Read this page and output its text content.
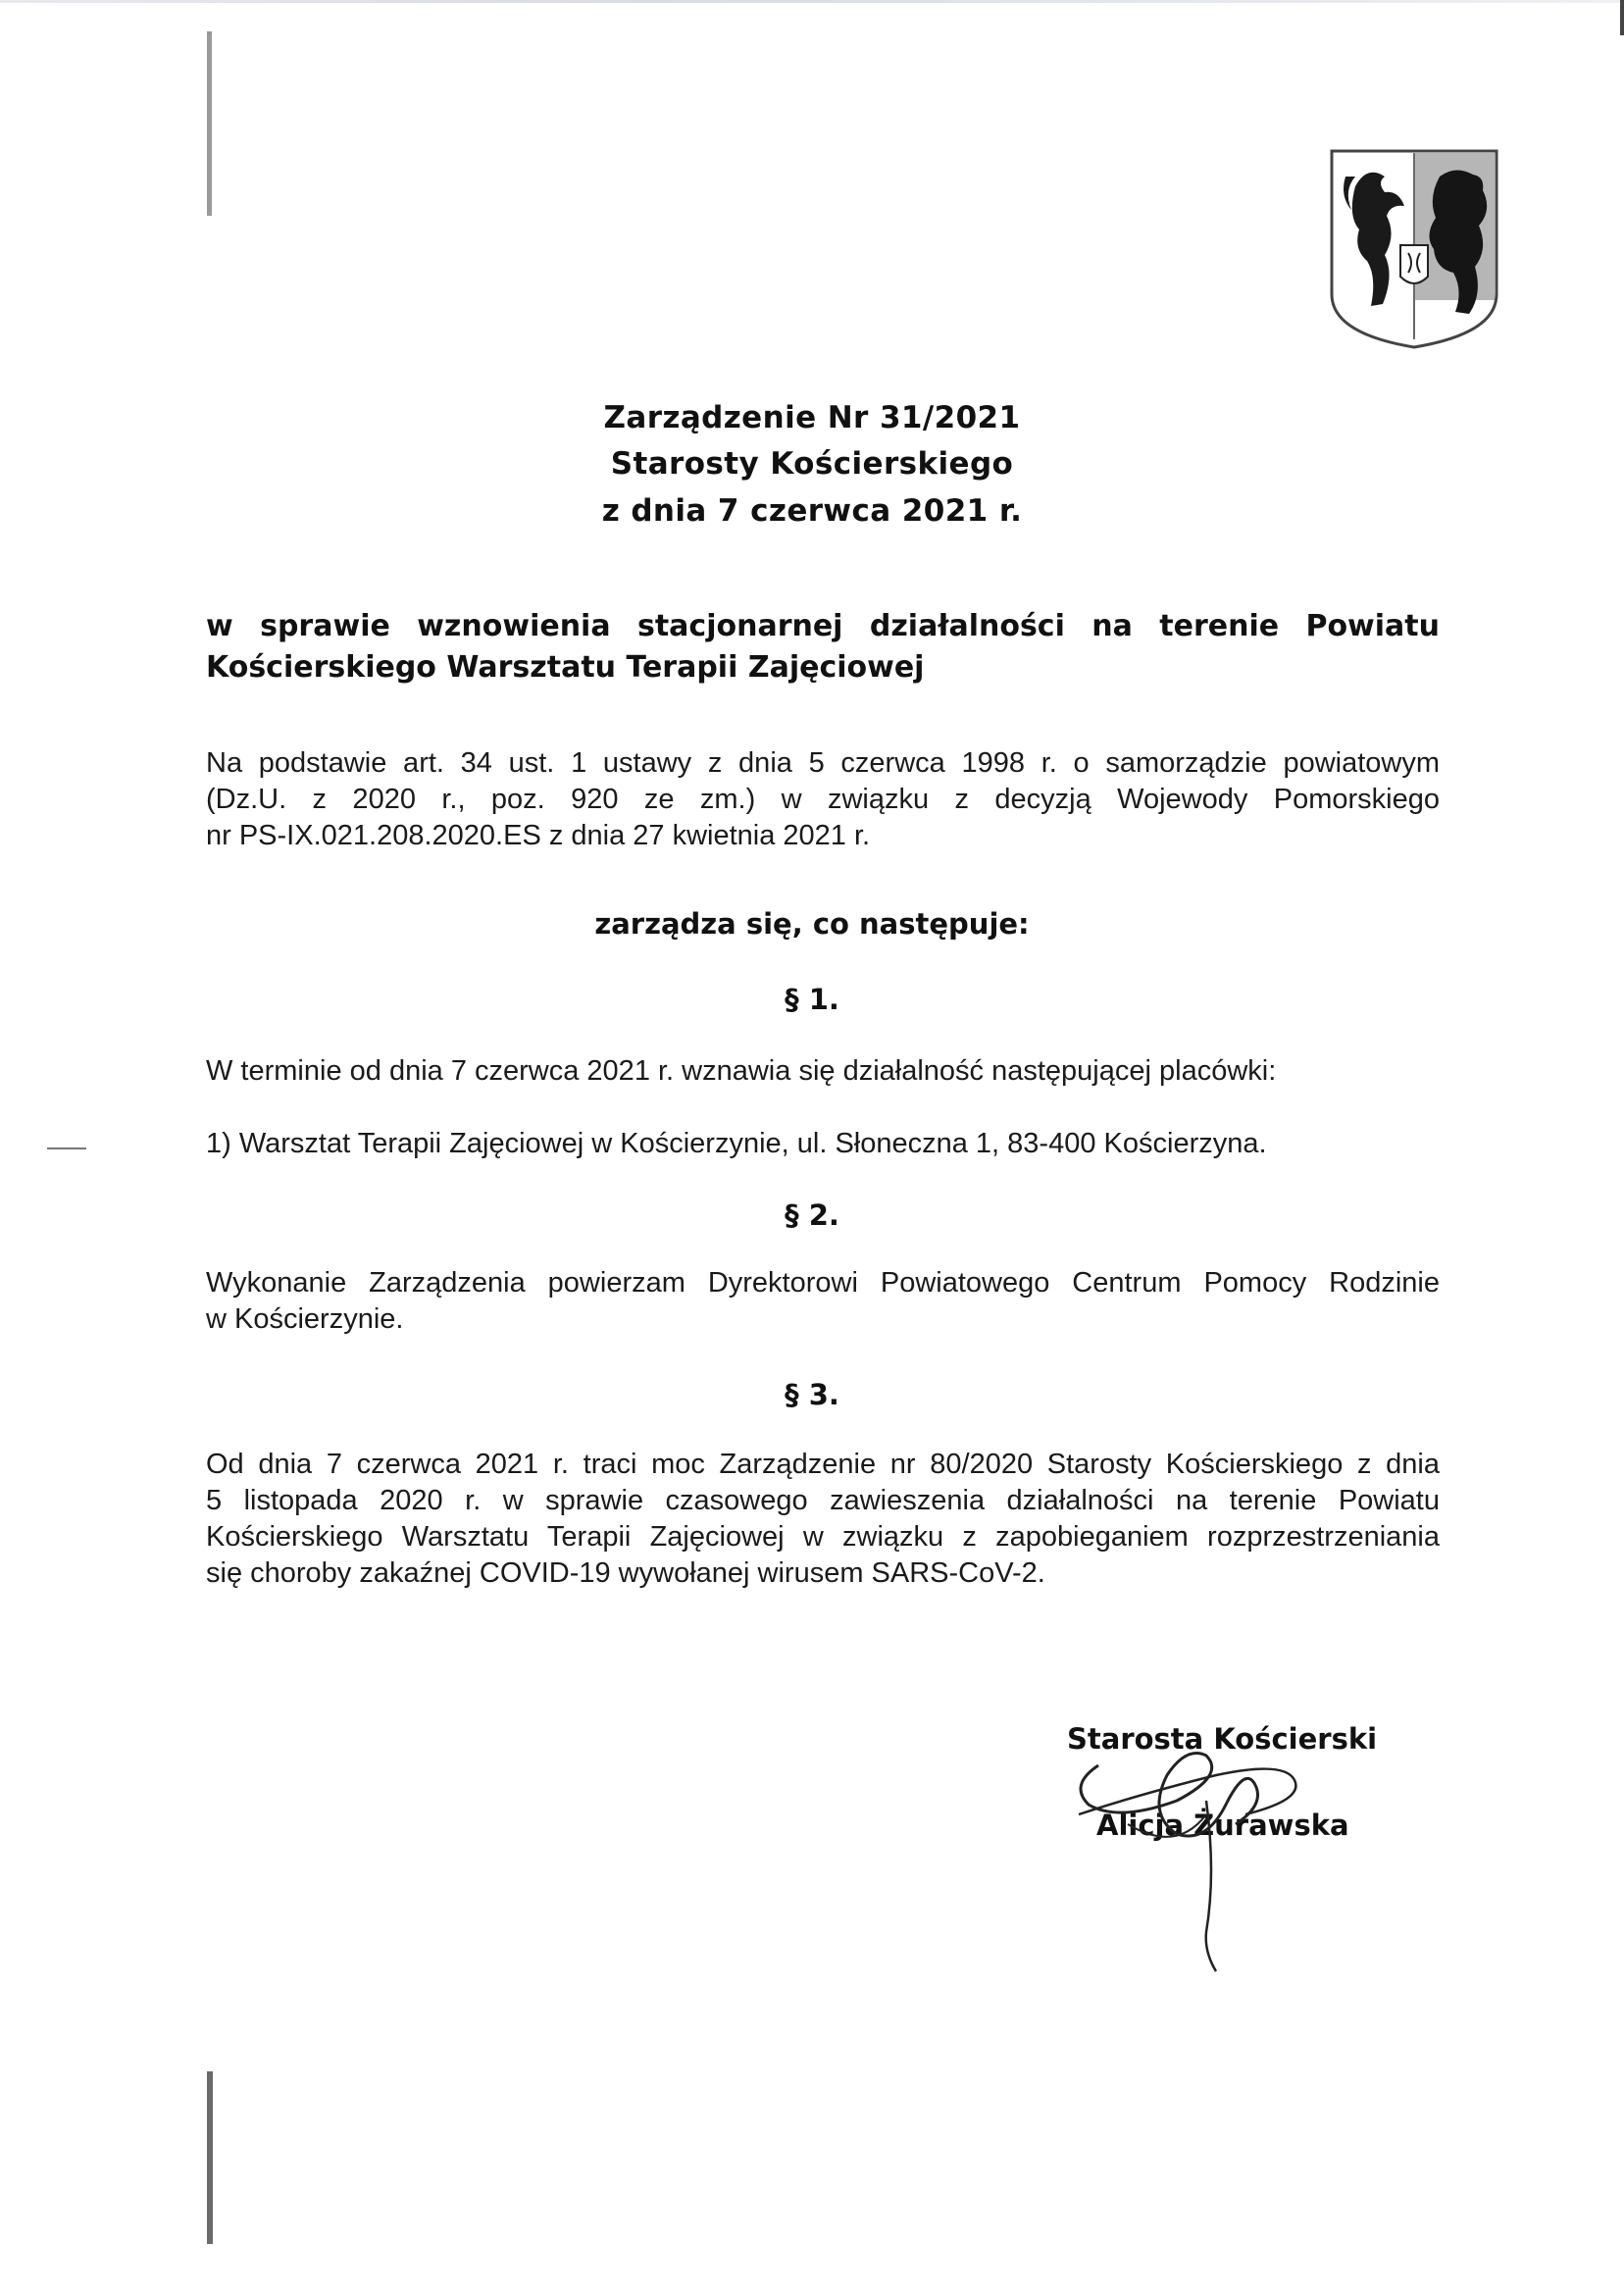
Zarządzenie Nr 31/2021
Starosty Kościerskiego
z dnia 7 czerwca 2021 r.
w sprawie wznowienia stacjonarnej działalności na terenie Powiatu
Kościerskiego Warsztatu Terapii Zajęciowej
Na podstawie art. 34 ust. 1 ustawy z dnia 5 czerwca 1998 r. o samorządzie powiatowym
(Dz.U. z 2020 r., poz. 920 ze zm.) w związku z decyzją Wojewody Pomorskiego
nr PS-IX.021.208.2020.ES z dnia 27 kwietnia 2021 r.
zarządza się, co następuje:
§ 1.
W terminie od dnia 7 czerwca 2021 r. wznawia się działalność następującej placówki:
1) Warsztat Terapii Zajęciowej w Kościerzynie, ul. Słoneczna 1, 83-400 Kościerzyna.
§ 2.
Wykonanie Zarządzenia powierzam Dyrektorowi Powiatowego Centrum Pomocy Rodzinie
w Kościerzynie.
§ 3.
Od dnia 7 czerwca 2021 r. traci moc Zarządzenie nr 80/2020 Starosty Kościerskiego z dnia
5 listopada 2020 r. w sprawie czasowego zawieszenia działalności na terenie Powiatu
Kościerskiego Warsztatu Terapii Zajęciowej w związku z zapobieganiem rozprzestrzeniania
się choroby zakaźnej COVID-19 wywołanej wirusem SARS-CoV-2.
Starosta Kościerski
Alicja Żurawska
